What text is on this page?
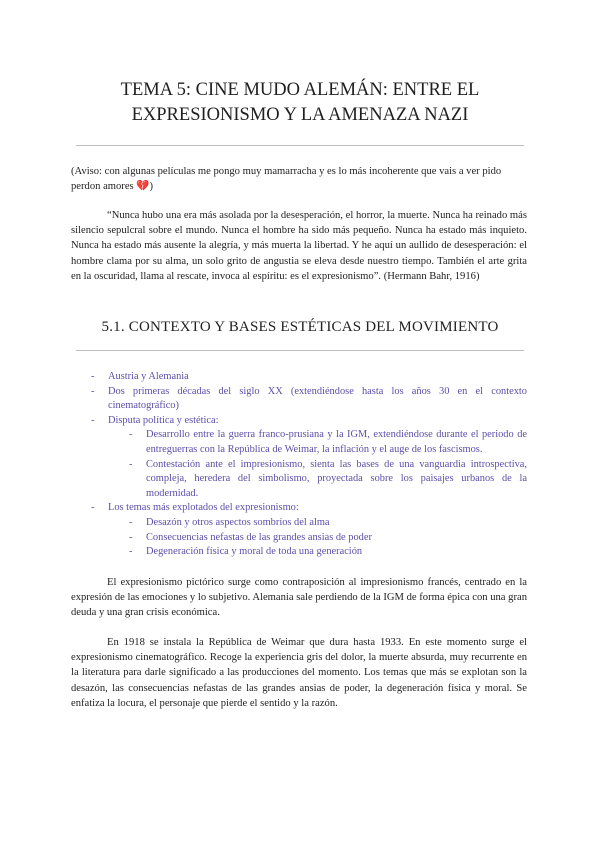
TEMA 5: CINE MUDO ALEMÁN: ENTRE EL
EXPRESIONISMO Y LA AMENAZA NAZI
(Aviso: con algunas películas me pongo muy mamarracha y es lo más incoherente que vais a ver pido perdon amores 💔)
“Nunca hubo una era más asolada por la desesperación, el horror, la muerte. Nunca ha reinado más silencio sepulcral sobre el mundo. Nunca el hombre ha sido más pequeño. Nunca ha estado más inquieto. Nunca ha estado más ausente la alegría, y más muerta la libertad. Y he aquí un aullido de desesperación: el hombre clama por su alma, un solo grito de angustia se eleva desde nuestro tiempo. También el arte grita en la oscuridad, llama al rescate, invoca al espíritu: es el expresionismo”. (Hermann Bahr, 1916)
5.1. CONTEXTO Y BASES ESTÉTICAS DEL MOVIMIENTO
- Austria y Alemania
- Dos primeras décadas del siglo XX (extendiéndose hasta los años 30 en el contexto cinematográfico)
- Disputa política y estética:
- Desarrollo entre la guerra franco-prusiana y la IGM, extendiéndose durante el periodo de entreguerras con la República de Weimar, la inflación y el auge de los fascismos.
- Contestación ante el impresionismo, sienta las bases de una vanguardia introspectiva, compleja, heredera del simbolismo, proyectada sobre los paisajes urbanos de la modernidad.
- Los temas más explotados del expresionismo:
- Desazón y otros aspectos sombríos del alma
- Consecuencias nefastas de las grandes ansias de poder
- Degeneración física y moral de toda una generación
El expresionismo pictórico surge como contraposición al impresionismo francés, centrado en la expresión de las emociones y lo subjetivo. Alemania sale perdiendo de la IGM de forma épica con una gran deuda y una gran crisis económica.
En 1918 se instala la República de Weimar que dura hasta 1933. En este momento surge el expresionismo cinematográfico. Recoge la experiencia gris del dolor, la muerte absurda, muy recurrente en la literatura para darle significado a las producciones del momento. Los temas que más se explotan son la desazón, las consecuencias nefastas de las grandes ansias de poder, la degeneración física y moral. Se enfatiza la locura, el personaje que pierde el sentido y la razón.
